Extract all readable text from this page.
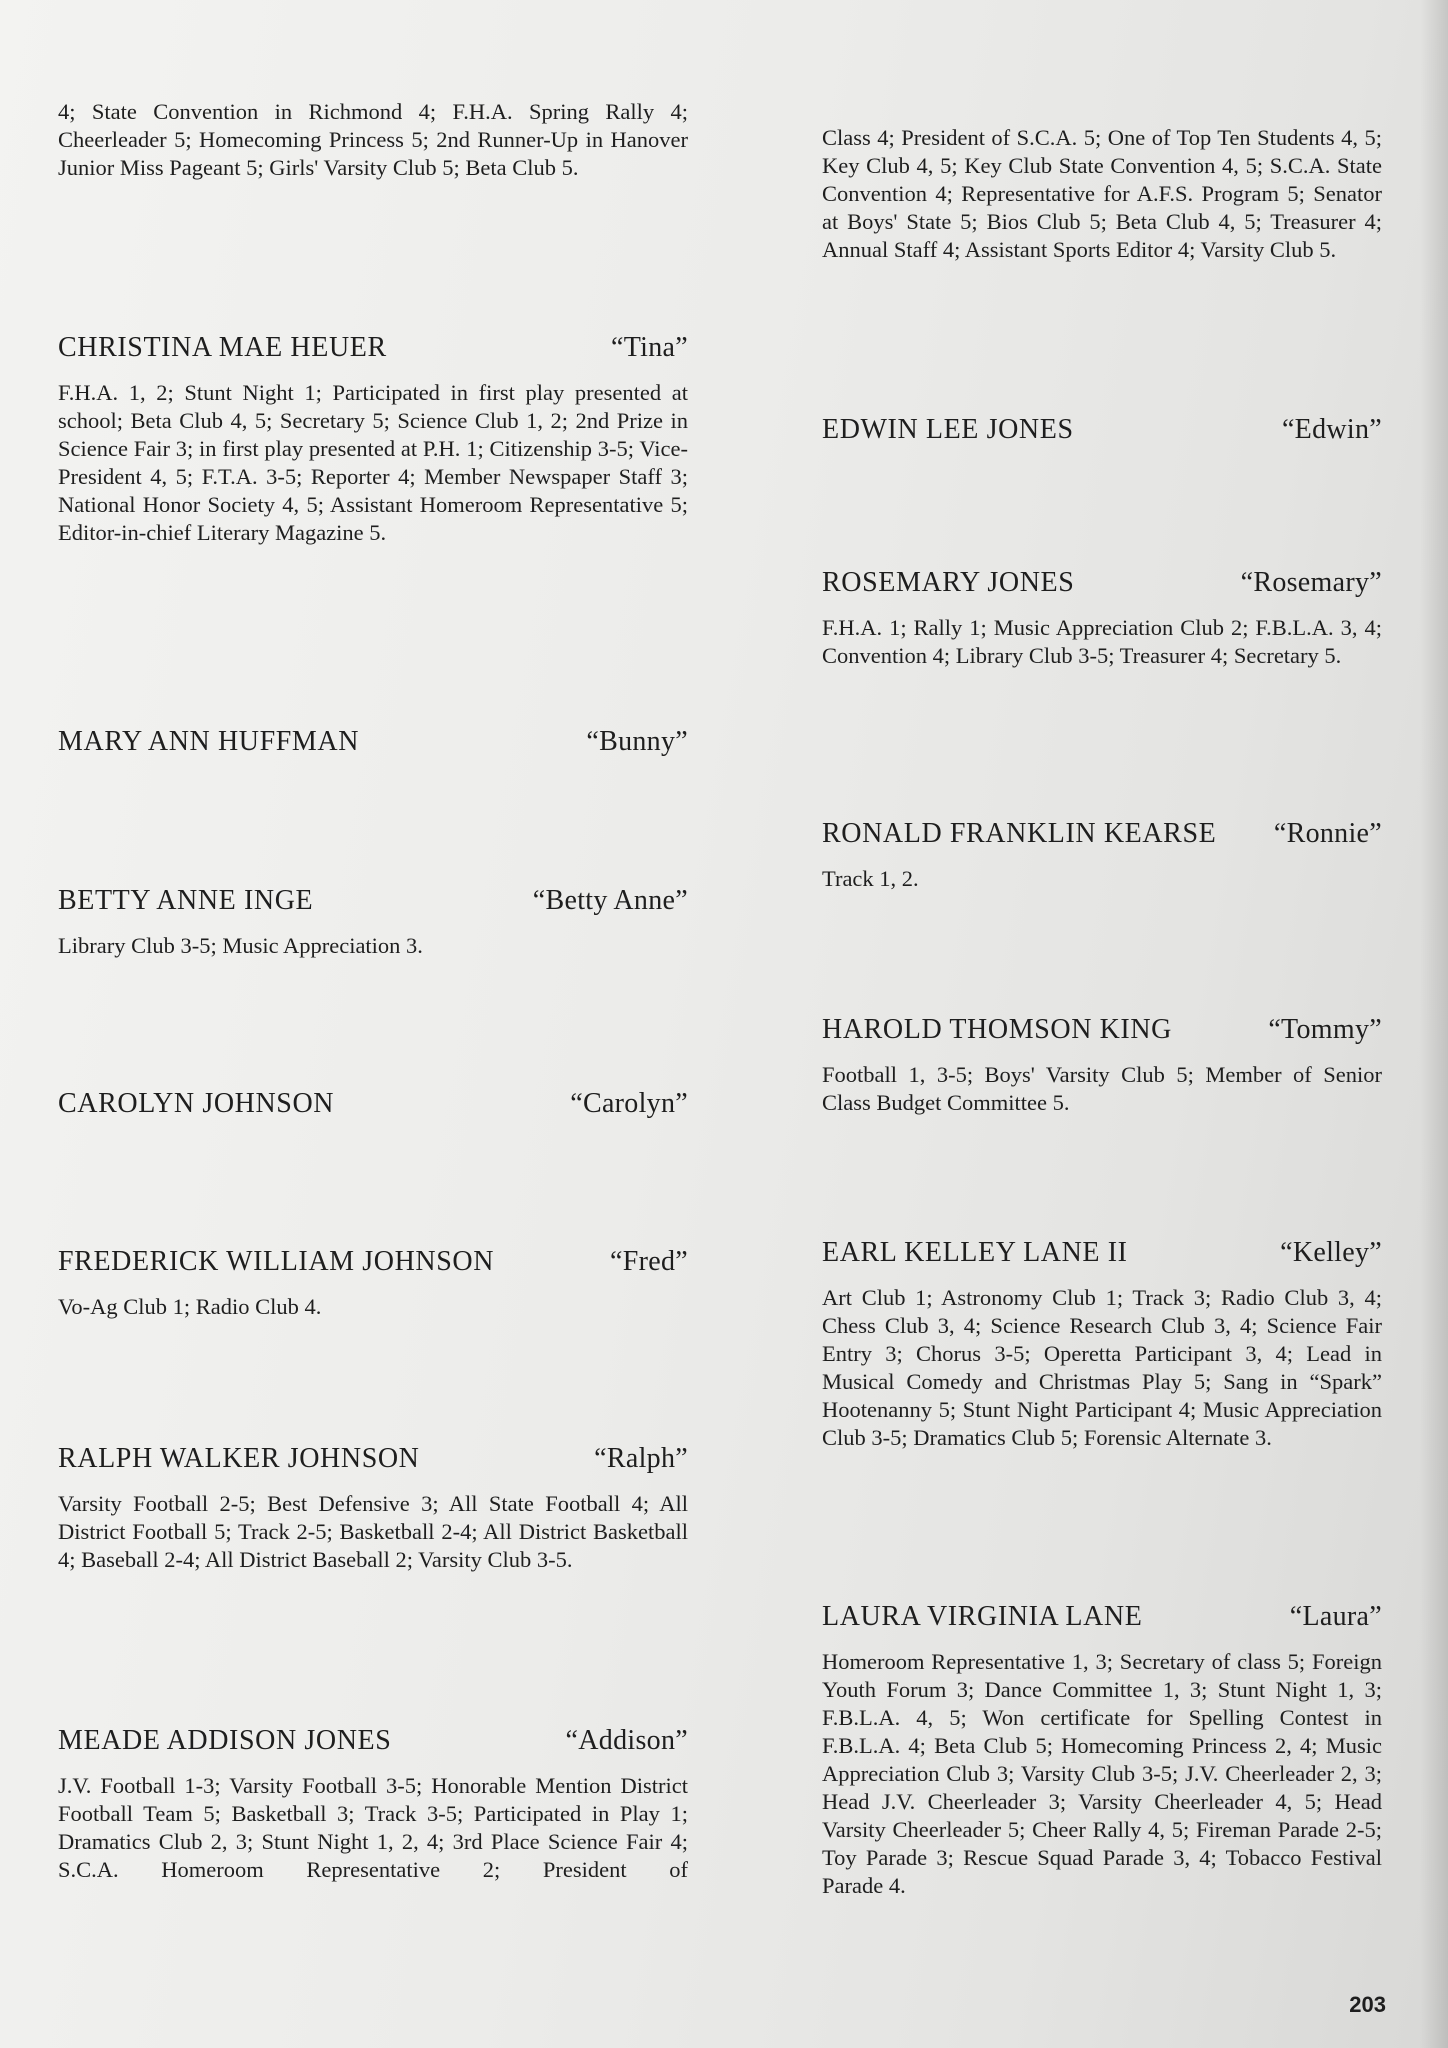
4; State Convention in Richmond 4; F.H.A. Spring Rally 4; Cheerleader 5; Homecoming Princess 5; 2nd Runner-Up in Hanover Junior Miss Pageant 5; Girls' Varsity Club 5; Beta Club 5.

CHRISTINA MAE HEUER	“Tina”

F.H.A. 1, 2; Stunt Night 1; Participated in first play presented at school; Beta Club 4, 5; Secretary 5; Science Club 1, 2; 2nd Prize in Science Fair 3; in first play presented at P.H. 1; Citizenship 3-5; Vice-President 4, 5; F.T.A. 3-5; Reporter 4; Member Newspaper Staff 3; National Honor Society 4, 5; Assistant Homeroom Representative 5; Editor-in-chief Literary Magazine 5.

MARY ANN HUFFMAN	“Bunny”

BETTY ANNE INGE	“Betty Anne”

Library Club 3-5; Music Appreciation 3.

CAROLYN JOHNSON	“Carolyn”

FREDERICK WILLIAM JOHNSON	“Fred”

Vo-Ag Club 1; Radio Club 4.

RALPH WALKER JOHNSON	“Ralph”

Varsity Football 2-5; Best Defensive 3; All State Football 4; All District Football 5; Track 2-5; Basketball 2-4; All District Basketball 4; Baseball 2-4; All District Baseball 2; Varsity Club 3-5.

MEADE ADDISON JONES	“Addison”

J.V. Football 1-3; Varsity Football 3-5; Honorable Mention District Football Team 5; Basketball 3; Track 3-5; Participated in Play 1; Dramatics Club 2, 3; Stunt Night 1, 2, 4; 3rd Place Science Fair 4; S.C.A. Homeroom Representative 2; President of

Class 4; President of S.C.A. 5; One of Top Ten Students 4, 5; Key Club 4, 5; Key Club State Convention 4, 5; S.C.A. State Convention 4; Representative for A.F.S. Program 5; Senator at Boys' State 5; Bios Club 5; Beta Club 4, 5; Treasurer 4; Annual Staff 4; Assistant Sports Editor 4; Varsity Club 5.

EDWIN LEE JONES	“Edwin”

ROSEMARY JONES	“Rosemary”

F.H.A. 1; Rally 1; Music Appreciation Club 2; F.B.L.A. 3, 4; Convention 4; Library Club 3-5; Treasurer 4; Secretary 5.

RONALD FRANKLIN KEARSE “Ronnie”

Track 1, 2.

HAROLD THOMSON KING	“Tommy”

Football 1, 3-5; Boys' Varsity Club 5; Member of Senior Class Budget Committee 5.

EARL KELLEY LANE II	“Kelley”

Art Club 1; Astronomy Club 1; Track 3; Radio Club 3, 4; Chess Club 3, 4; Science Research Club 3, 4; Science Fair Entry 3; Chorus 3-5; Operetta Participant 3, 4; Lead in Musical Comedy and Christmas Play 5; Sang in “Spark” Hootenanny 5; Stunt Night Participant 4; Music Appreciation Club 3-5; Dramatics Club 5; Forensic Alternate 3.

LAURA VIRGINIA LANE	“Laura”

Homeroom Representative 1, 3; Secretary of class 5; Foreign Youth Forum 3; Dance Committee 1, 3; Stunt Night 1, 3; F.B.L.A. 4, 5; Won certificate for Spelling Contest in F.B.L.A. 4; Beta Club 5; Homecoming Princess 2, 4; Music Appreciation Club 3; Varsity Club 3-5; J.V. Cheerleader 2, 3; Head J.V. Cheerleader 3; Varsity Cheerleader 4, 5; Head Varsity Cheerleader 5; Cheer Rally 4, 5; Fireman Parade 2-5; Toy Parade 3; Rescue Squad Parade 3, 4; Tobacco Festival Parade 4.

203
